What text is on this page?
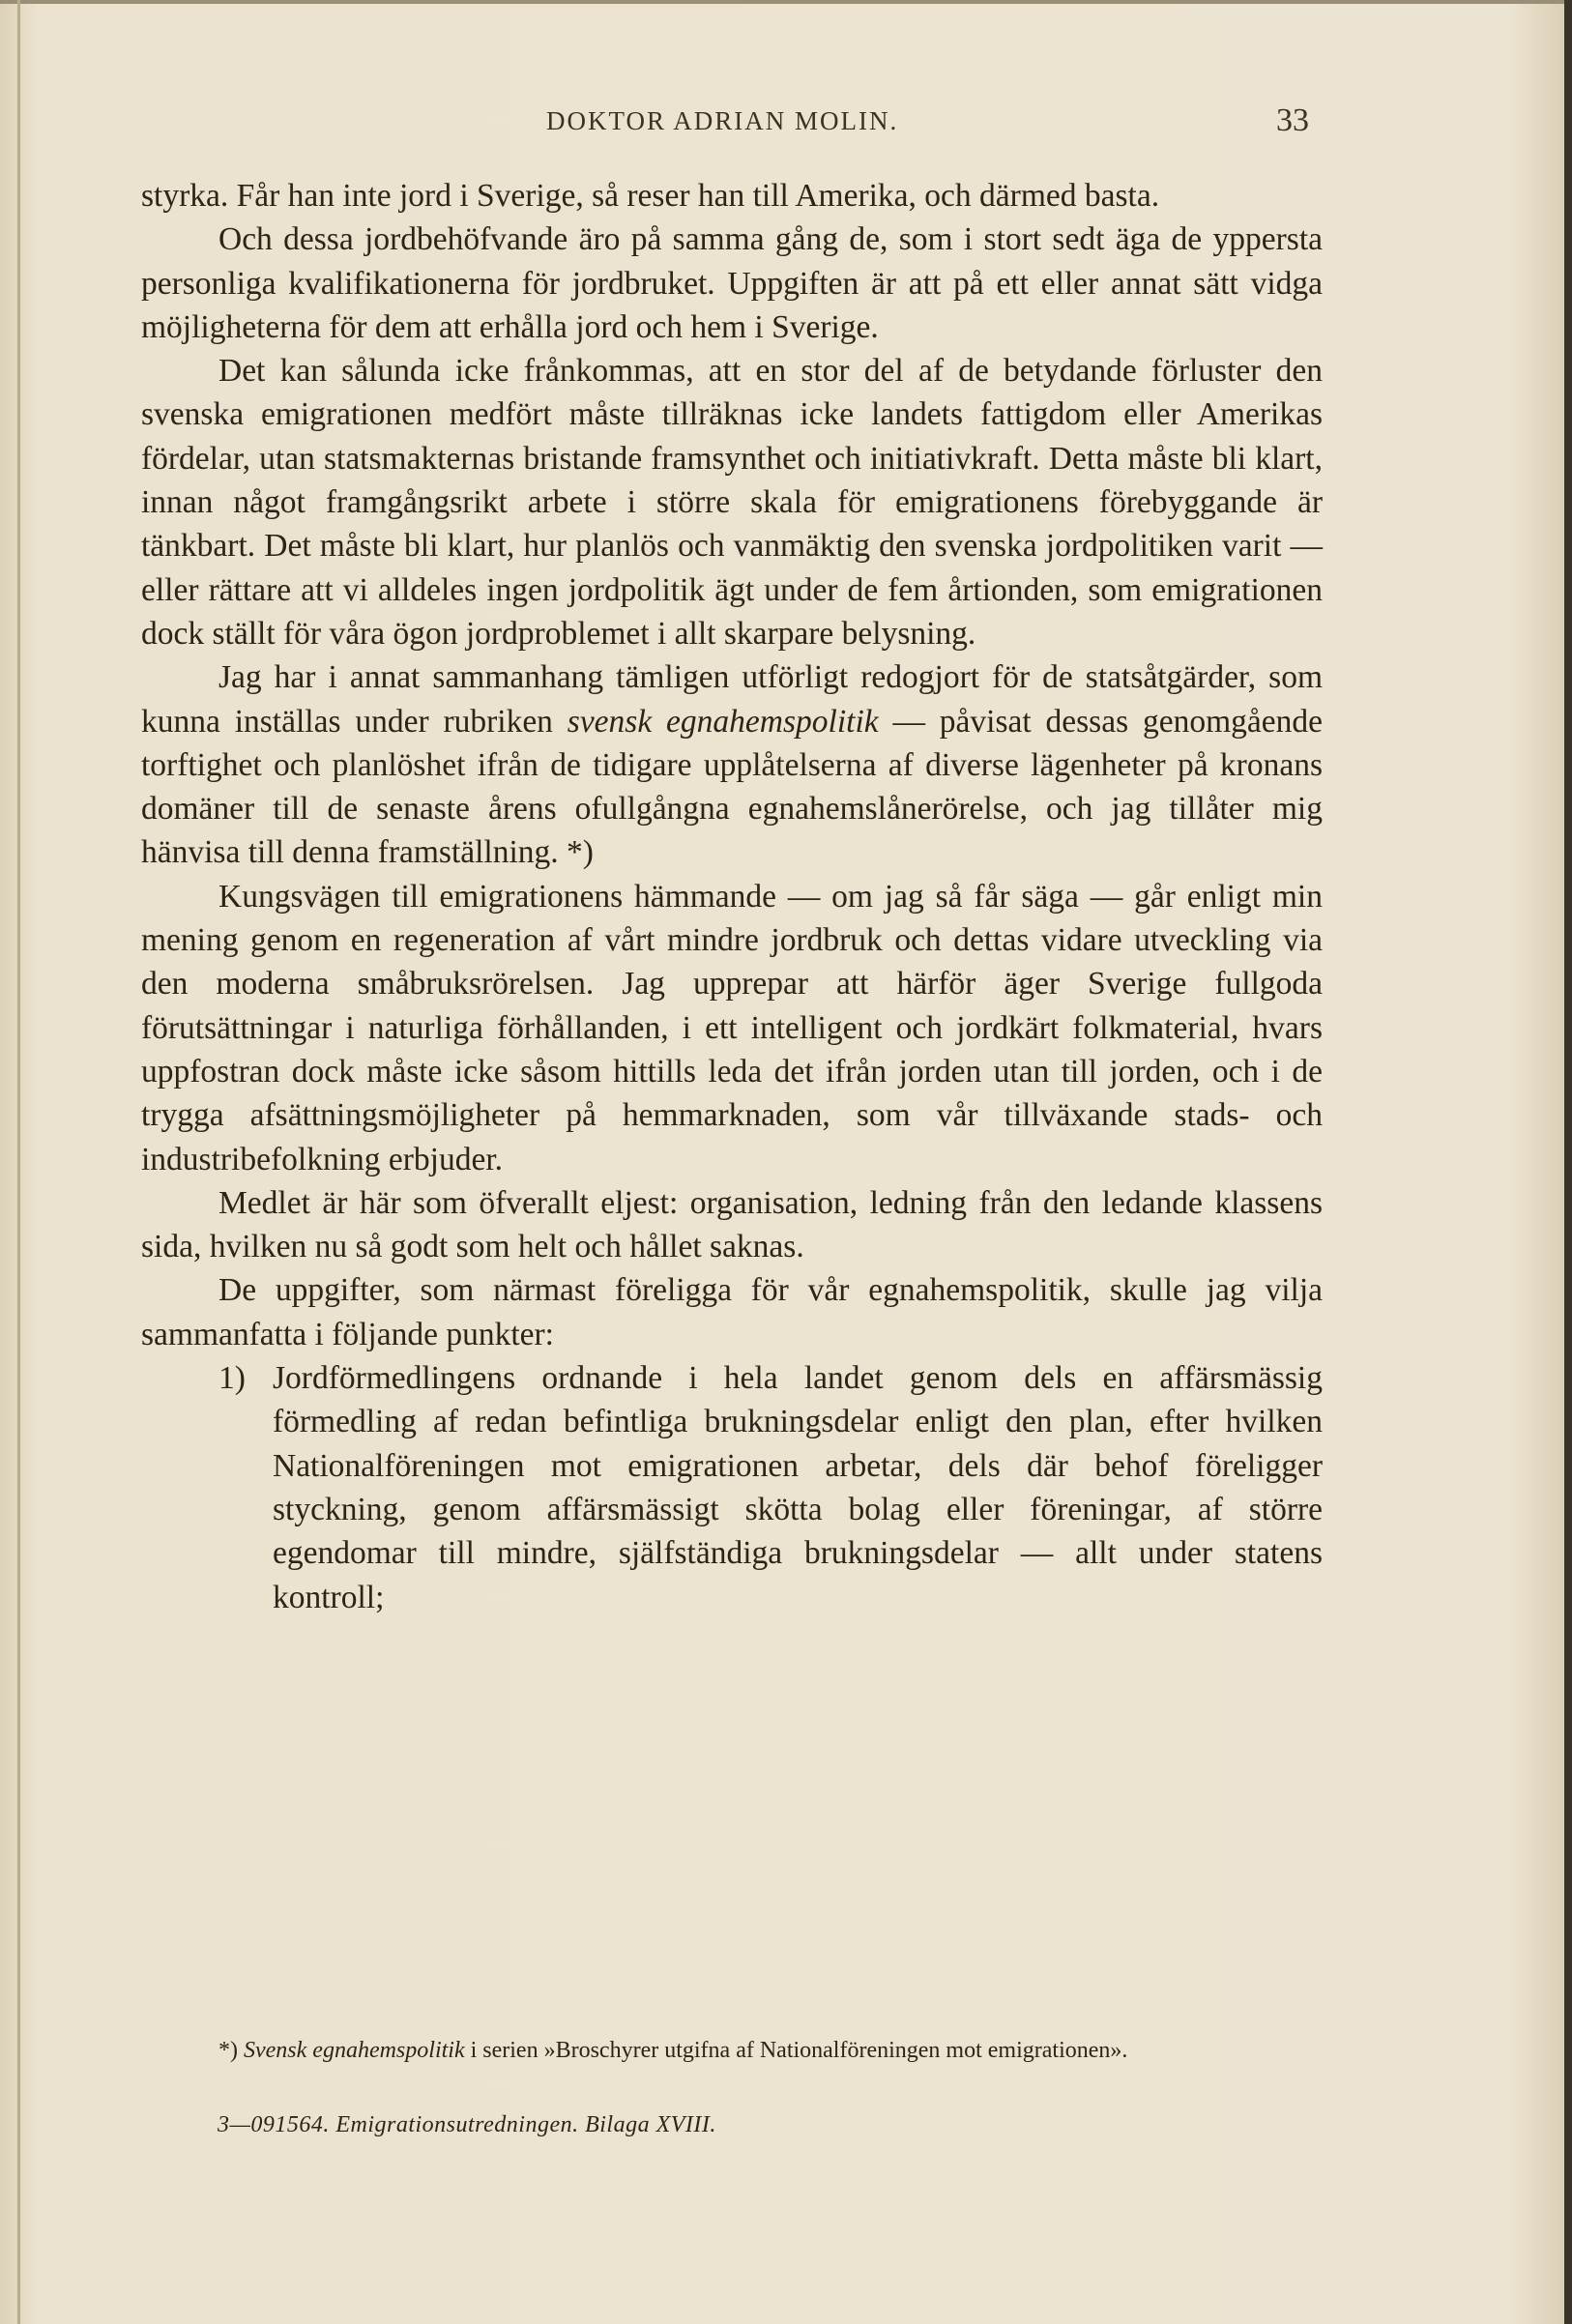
DOKTOR ADRIAN MOLIN.	33

styrka. Får han inte jord i Sverige, så reser han till Amerika, och därmed basta.

Och dessa jordbehöfvande äro på samma gång de, som i stort sedt äga de yppersta personliga kvalifikationerna för jordbruket. Uppgiften är att på ett eller annat sätt vidga möjligheterna för dem att erhålla jord och hem i Sverige.

Det kan sålunda icke frånkommas, att en stor del af de betydande förluster den svenska emigrationen medfört måste tillräknas icke landets fattigdom eller Amerikas fördelar, utan statsmakternas bristande framsynthet och initiativkraft. Detta måste bli klart, innan något framgångsrikt arbete i större skala för emigrationens förebyggande är tänkbart. Det måste bli klart, hur planlös och vanmäktig den svenska jordpolitiken varit — eller rättare att vi alldeles ingen jordpolitik ägt under de fem årtionden, som emigrationen dock ställt för våra ögon jordproblemet i allt skarpare belysning.

Jag har i annat sammanhang tämligen utförligt redogjort för de statsåtgärder, som kunna inställas under rubriken svensk egnahemspolitik — påvisat dessas genomgående torftighet och planlöshet ifrån de tidigare upplåtelserna af diverse lägenheter på kronans domäner till de senaste årens ofullgångna egnahemslånerörelse, och jag tillåter mig hänvisa till denna framställning. *)

Kungsvägen till emigrationens hämmande — om jag så får säga — går enligt min mening genom en regeneration af vårt mindre jordbruk och dettas vidare utveckling via den moderna småbruksrörelsen. Jag upprepar att härför äger Sverige fullgoda förutsättningar i naturliga förhållanden, i ett intelligent och jordkärt folkmaterial, hvars uppfostran dock måste icke såsom hittills leda det ifrån jorden utan till jorden, och i de trygga afsättningsmöjligheter på hemmarknaden, som vår tillväxande stads- och industribefolkning erbjuder.

Medlet är här som öfverallt eljest: organisation, ledning från den ledande klassens sida, hvilken nu så godt som helt och hållet saknas.

De uppgifter, som närmast föreligga för vår egnahemspolitik, skulle jag vilja sammanfatta i följande punkter:

1) Jordförmedlingens ordnande i hela landet genom dels en affärsmässig förmedling af redan befintliga brukningsdelar enligt den plan, efter hvilken Nationalföreningen mot emigrationen arbetar, dels där behof föreligger styckning, genom affärsmässigt skötta bolag eller föreningar, af större egendomar till mindre, själfständiga brukningsdelar — allt under statens kontroll;

*) Svensk egnahemspolitik i serien »Broschyrer utgifna af Nationalföreningen mot emigrationen».

3—091564. Emigrationsutredningen. Bilaga XVIII.
